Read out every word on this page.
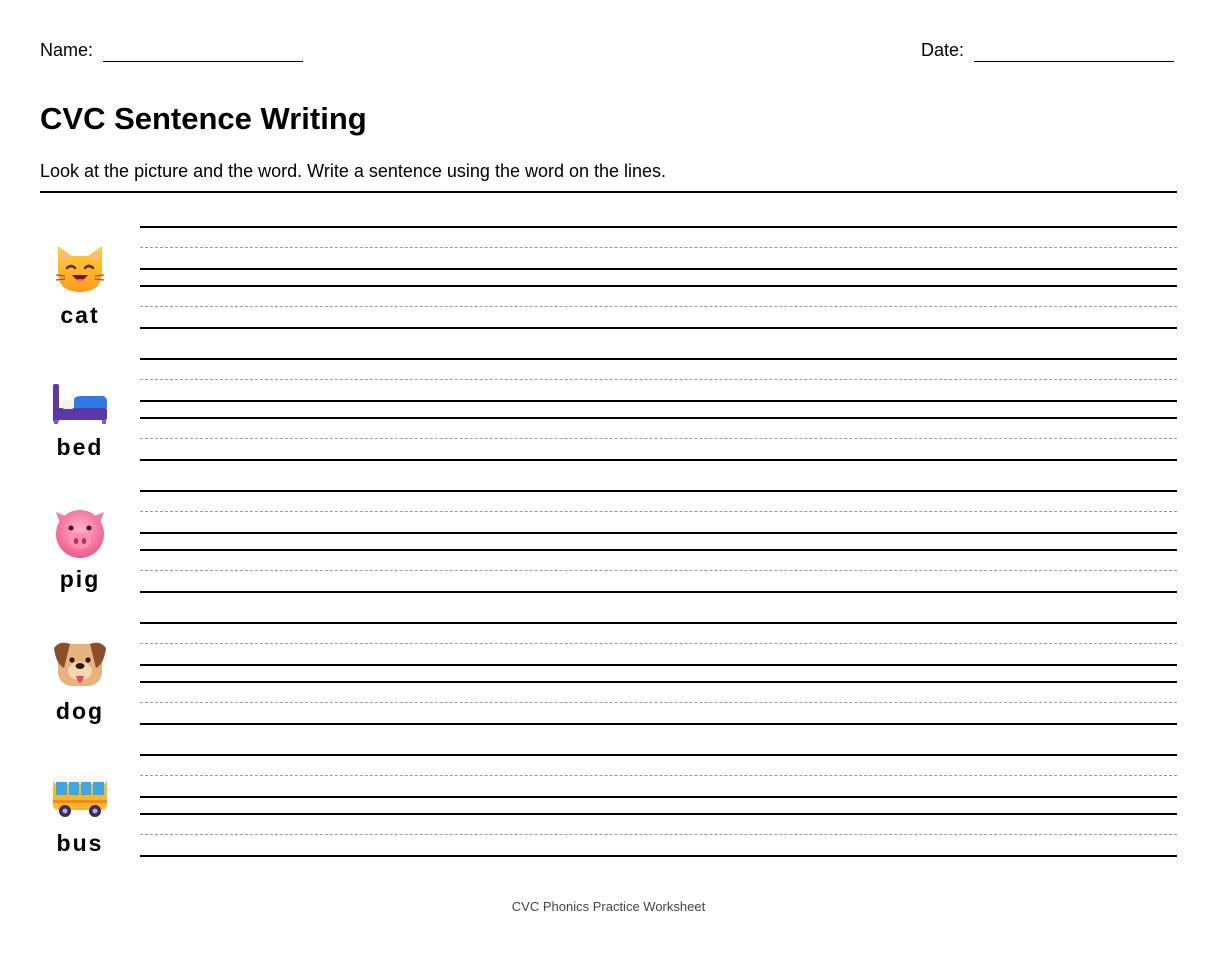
Name:	Date:
CVC Sentence Writing
Look at the picture and the word. Write a sentence using the word on the lines.
cat
bed
pig
dog
bus
CVC Phonics Practice Worksheet
